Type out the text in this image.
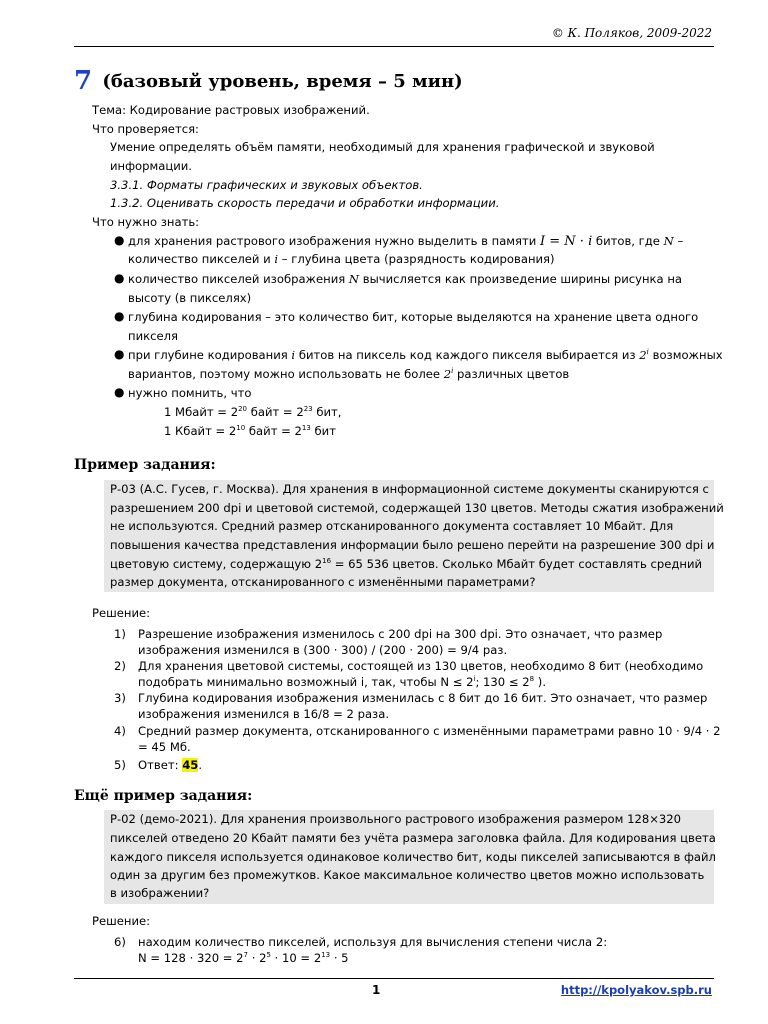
© К. Поляков, 2009-2022
7 (базовый уровень, время – 5 мин)
Тема: Кодирование растровых изображений.
Что проверяется:
Умение определять объём памяти, необходимый для хранения графической и звуковой
информации.
3.3.1. Форматы графических и звуковых объектов.
1.3.2. Оценивать скорость передачи и обработки информации.
Что нужно знать:
● для хранения растрового изображения нужно выделить в памяти I = N · i битов, где N –
количество пикселей и i – глубина цвета (разрядность кодирования)
● количество пикселей изображения N вычисляется как произведение ширины рисунка на
высоту (в пикселях)
● глубина кодирования – это количество бит, которые выделяются на хранение цвета одного
пикселя
● при глубине кодирования i битов на пиксель код каждого пикселя выбирается из 2$^i$ возможных
вариантов, поэтому можно использовать не более 2$^i$ различных цветов
● нужно помнить, что
1 Мбайт = $2^{20}$ байт = $2^{23}$ бит,
1 Кбайт = $2^{10}$ байт = $2^{13}$ бит
Пример задания:
Р-03 (А.С. Гусев, г. Москва). Для хранения в информационной системе документы сканируются с
разрешением 200 dpi и цветовой системой, содержащей 130 цветов. Методы сжатия изображений
не используются. Средний размер отсканированного документа составляет 10 Мбайт. Для
повышения качества представления информации было решено перейти на разрешение 300 dpi и
цветовую систему, содержащую $2^{16} = 65$ 536 цветов. Сколько Мбайт будет составлять средний
размер документа, отсканированного с изменёнными параметрами?
Решение:
1) Разрешение изображения изменилось с 200 dpi на 300 dpi. Это означает, что размер
изображения изменился в (300 · 300) / (200 · 200) = 9/4 раз.
2) Для хранения цветовой системы, состоящей из 130 цветов, необходимо 8 бит (необходимо
подобрать минимально возможный i, так, чтобы $N \le 2^i$; $130 \le 2^8$ ).
3) Глубина кодирования изображения изменилась с 8 бит до 16 бит. Это означает, что размер
изображения изменился в 16/8 = 2 раза.
4) Средний размер документа, отсканированного с изменёнными параметрами равно 10 · 9/4 · 2
= 45 Мб.
5) Ответ: 45.
Ещё пример задания:
Р-02 (демо-2021). Для хранения произвольного растрового изображения размером 128×320
пикселей отведено 20 Кбайт памяти без учёта размера заголовка файла. Для кодирования цвета
каждого пикселя используется одинаковое количество бит, коды пикселей записываются в файл
один за другим без промежутков. Какое максимальное количество цветов можно использовать
в изображении?
Решение:
6) находим количество пикселей, используя для вычисления степени числа 2:
$N = 128 \cdot 320 = 2^7 \cdot 2^5 \cdot 10 = 2^{13} \cdot 5$
1	http://kpolyakov.spb.ru
